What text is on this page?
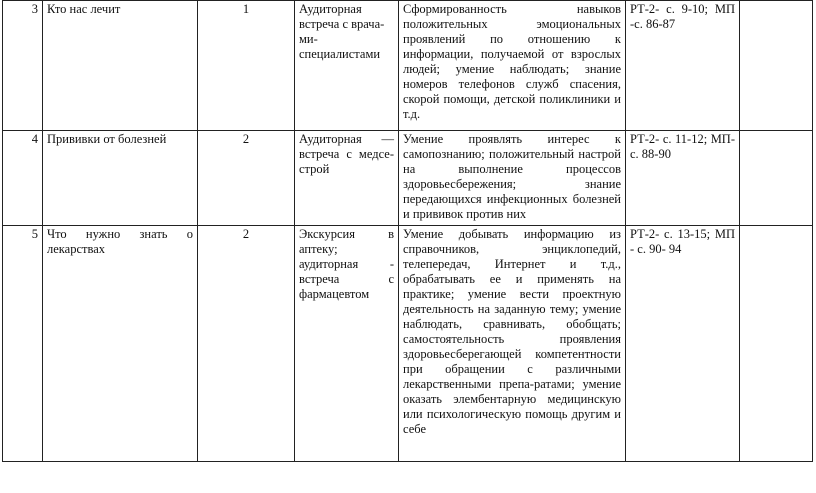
3	Кто нас лечит	1	Аудиторная встреча с врача-ми-специалистами	Сформированность навыков положительных эмоциональных проявлений по отношению к информации, получаемой от взрослых людей; умение наблюдать; знание номеров телефонов служб спасения, скорой помощи, детской поликлиники и т.д.	РТ-2- с. 9-10; МП -с. 86-87	
4	Прививки от болезней	2	Аудиторная — встреча с медсе-строй	Умение проявлять интерес к самопознанию; положительный настрой на выполнение процессов здоровьесбережения; знание передающихся инфекционных болезней и прививок против них	РТ-2- с. 11-12; МП- с. 88-90	
5	Что нужно знать о лекарствах	2	Экскурсия в аптеку; аудиторная - встреча с фармацевтом	Умение добывать информацию из справочников, энциклопедий, телепередач, Интернет и т.д., обрабатывать ее и применять на практике; умение вести проектную деятельность на заданную тему; умение наблюдать, сравнивать, обобщать; самостоятельность проявления здоровьесберегающей компетентности при обращении с различными лекарственными препа-ратами; умение оказать элембентарную медицинскую или психологическую помощь другим и себе	РТ-2- с. 13-15; МП - с. 90- 94	
